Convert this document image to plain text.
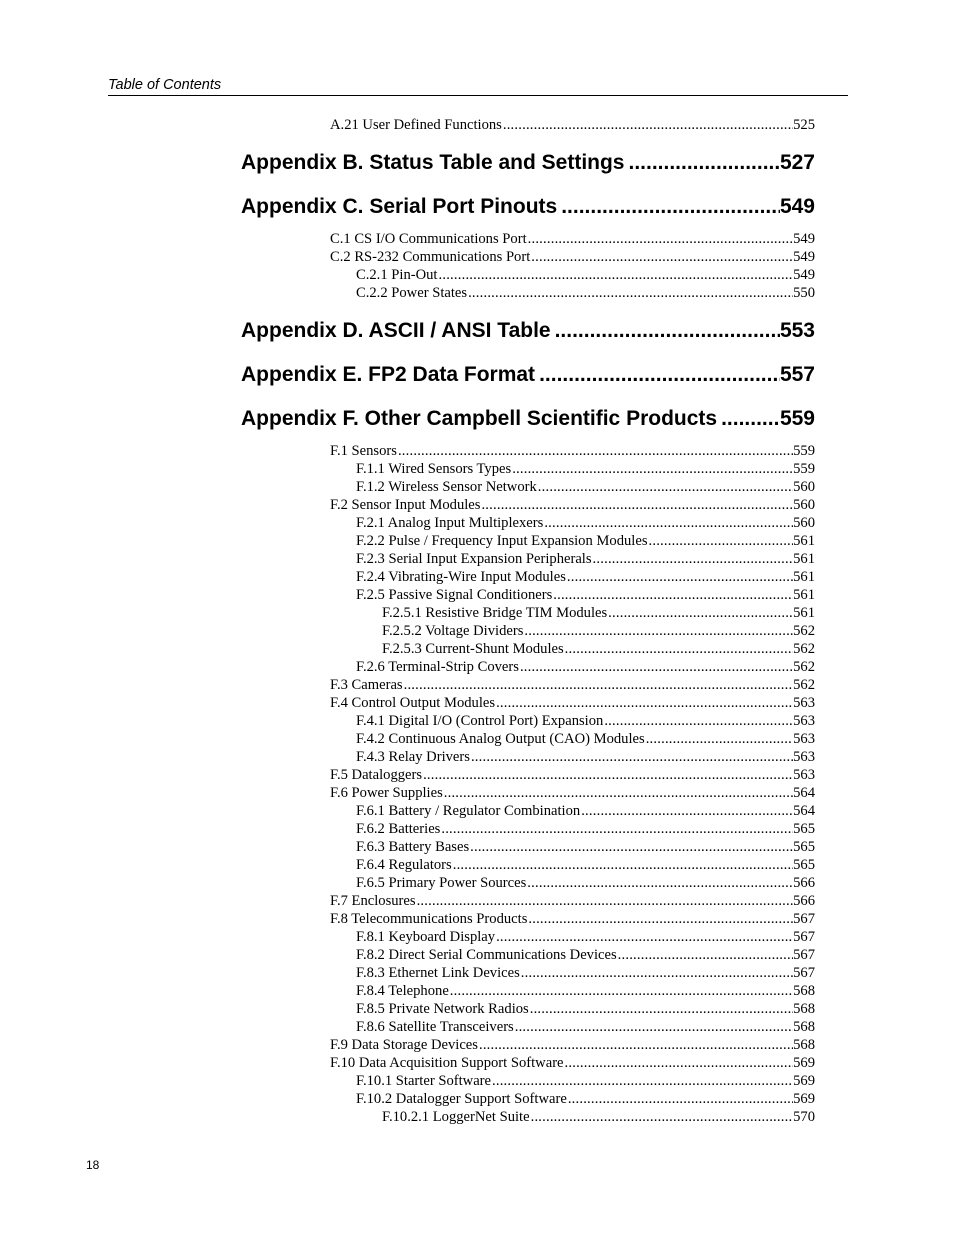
Table of Contents
A.21 User Defined Functions .....	525
Appendix B. Status Table and Settings .....	527
Appendix C. Serial Port Pinouts .....	549
C.1 CS I/O Communications Port .....	549
C.2 RS-232 Communications Port .....	549
C.2.1 Pin-Out .....	549
C.2.2 Power States .....	550
Appendix D. ASCII / ANSI Table .....	553
Appendix E. FP2 Data Format .....	557
Appendix F. Other Campbell Scientific Products .....	559
F.1 Sensors .....	559
F.1.1 Wired Sensors Types .....	559
F.1.2 Wireless Sensor Network .....	560
F.2 Sensor Input Modules .....	560
F.2.1 Analog Input Multiplexers .....	560
F.2.2 Pulse / Frequency Input Expansion Modules .....	561
F.2.3 Serial Input Expansion Peripherals .....	561
F.2.4 Vibrating-Wire Input Modules .....	561
F.2.5 Passive Signal Conditioners .....	561
F.2.5.1 Resistive Bridge TIM Modules .....	561
F.2.5.2 Voltage Dividers .....	562
F.2.5.3 Current-Shunt Modules .....	562
F.2.6 Terminal-Strip Covers .....	562
F.3 Cameras .....	562
F.4 Control Output Modules .....	563
F.4.1 Digital I/O (Control Port) Expansion .....	563
F.4.2 Continuous Analog Output (CAO) Modules .....	563
F.4.3 Relay Drivers .....	563
F.5 Dataloggers .....	563
F.6 Power Supplies .....	564
F.6.1 Battery / Regulator Combination .....	564
F.6.2 Batteries .....	565
F.6.3 Battery Bases .....	565
F.6.4 Regulators .....	565
F.6.5 Primary Power Sources .....	566
F.7 Enclosures .....	566
F.8 Telecommunications Products .....	567
F.8.1 Keyboard Display .....	567
F.8.2 Direct Serial Communications Devices .....	567
F.8.3 Ethernet Link Devices .....	567
F.8.4 Telephone .....	568
F.8.5 Private Network Radios .....	568
F.8.6 Satellite Transceivers .....	568
F.9 Data Storage Devices .....	568
F.10 Data Acquisition Support Software .....	569
F.10.1 Starter Software .....	569
F.10.2 Datalogger Support Software .....	569
F.10.2.1 LoggerNet Suite .....	570
18
